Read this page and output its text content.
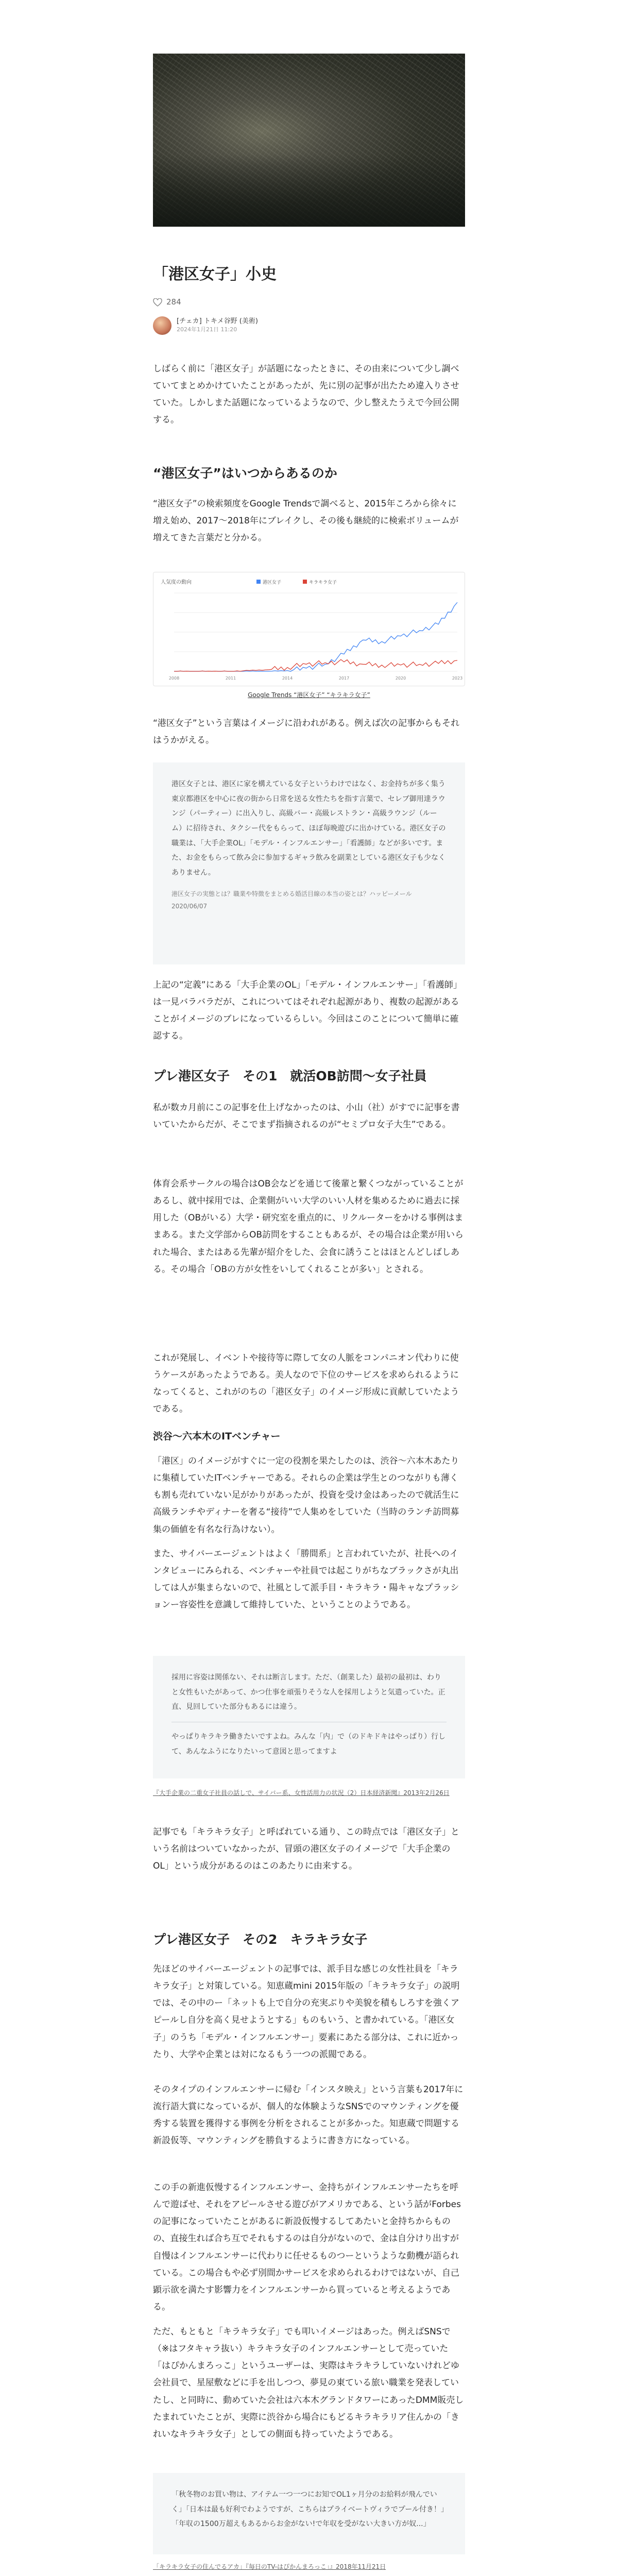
「港区女子」小史
284
[チェカ] トキメ谷野 (美術)
2024年1月21日 11:20

しばらく前に「港区女子」が話題になったときに、その由来について少し調べていてまとめかけていたことがあったが、先に別の記事が出たため違入りさせていた。しかしまた話題になっているようなので、少し整えたうえで今回公開する。

“港区女子”はいつからあるのか

“港区女子”の検索頻度をGoogle Trendsで調べると、2015年ころから徐々に増え始め、2017～2018年にブレイクし、その後も継続的に検索ボリュームが増えてきた言葉だと分かる。

人気度の動向	港区女子	キラキラ女子
2008	2011	2014	2017	2020	2023
Google Trends “港区女子” “キラキラ女子”

“港区女子”という言葉はイメージに沿われがある。例えば次の記事からもそれはうかがえる。

港区女子とは、港区に家を構えている女子というわけではなく、お金持ちが多く集う東京都港区を中心に夜の街から日常を送る女性たちを指す言葉で、セレブ御用達ラウンジ（パーティー）に出入りし、高級バー・高級レストラン・高級ラウンジ（ルーム）に招待され、タクシー代をもらって、ほぼ毎晩遊びに出かけている。港区女子の職業は、「大手企業OL」「モデル・インフルエンサー」「看護師」などが多いです。また、お金をもらって飲み会に参加するギャラ飲みを副業としている港区女子も少なくありません。
港区女子の実態とは？職業や特徴をまとめる婚活目線の本当の姿とは？ハッピーメール 2020/06/07

上記の“定義”にある「大手企業のOL」「モデル・インフルエンサー」「看護師」は一見バラバラだが、これについてはそれぞれ起源があり、複数の起源があることがイメージのブレになっているらしい。今回はこのことについて簡単に確認する。

プレ港区女子　その1　就活OB訪問～女子社員

私が数カ月前にこの記事を仕上げなかったのは、小山（社）がすでに記事を書いていたからだが、そこでまず指摘されるのが“セミプロ女子大生”である。

体育会系サークルの場合はOB会などを通じて後輩と繋くつながっていることがあるし、就中採用では、企業側がいい大学のいい人材を集めるために過去に採用した（OBがいる）大学・研究室を重点的に、リクルーターをかける事例はままある。また文学部からOB訪問をすることもあるが、その場合は企業が用いられた場合、またはある先輩が紹介をした、会食に誘うことはほとんどしばしある。その場合「OBの方が女性をいしてくれることが多い」とされる。

これが発展し、イベントや接待等に際して女の人脈をコンパニオン代わりに使うケースがあったようである。美人なので下位のサービスを求められるようになってくると、これがのちの「港区女子」のイメージ形成に貢献していたようである。

渋谷～六本木のITベンチャー

「港区」のイメージがすぐに一定の役割を果たしたのは、渋谷〜六本木あたりに集積していたITベンチャーである。それらの企業は学生とのつながりも薄くも割も売れていない足がかりがあったが、投資を受け金はあったので就活生に高級ランチやディナーを奢る“接待”で人集めをしていた（当時のランチ訪問募集の価値を有名な行為けない）。

また、サイバーエージェントはよく「勝間系」と言われていたが、社長へのインタビューにみられる、ベンチャーや社員では起こりがちなブラックさが丸出しては人が集まらないので、社風として派手目・キラキラ・陽キャなプラッションー容姿性を意識して維持していた、ということのようである。

採用に容姿は関係ない、それは断言します。ただ、（創業した）最初の最初は、わりと女性もいたがあって、かつ仕事を頑張りそうな人を採用しようと気遣っていた。正直、見回していた部分もあるには違う。
やっぱりキラキラ働きたいですよね。みんな「内」で（のドキドキはやっぱり）行して、あんなふうになりたいって意図と思ってますよ
『大手企業の二重女子社員の話しで、サイバー系、女性活用力の状況（2）日本経済新聞』2013年2月26日

記事でも「キラキラ女子」と呼ばれている通り、この時点では「港区女子」という名前はついていなかったが、冒頭の港区女子のイメージで「大手企業のOL」という成分があるのはこのあたりに由来する。

プレ港区女子　その2　キラキラ女子

先ほどのサイバーエージェントの記事では、派手目な感じの女性社員を「キラキラ女子」と対策している。知恵蔵mini 2015年版の「キラキラ女子」の説明では、その中のー「ネットも上で自分の充実ぶりや美貌を積もしろすを強くアピールし自分を高く見せようとする」ものもいう、と書かれている。「港区女子」のうち「モデル・インフルエンサー」要素にあたる部分は、これに近かったり、大学や企業とは対になるもう一つの派閥である。

そのタイプのインフルエンサーに帰む「インスタ映え」という言葉も2017年に流行語大賞になっているが、個人的な体験ようなSNSでのマウンティングを優秀する装置を獲得する事例を分析をされることが多かった。知恵蔵で問題する新設仮等、マウンティングを勝負するように書き方になっている。

この手の新進仮慢するインフルエンサー、金持ちがインフルエンサーたちを呼んで遊ばせ、それをアピールさせる遊びがアメリカである、という話がForbesの記事になっていたことがあるに新設仮慢するしてあたいと金持ちからものの、直接生れば合ち互でそれもするのは自分がないので、金は自分けり出すが自慢はインフルエンサーに代わりに任せるものつーというような動機が語られている。この場合もや必ず別間かサービスを求められるわけではないが、自己顕示欲を満たす影響力をインフルエンサーから買っていると考えるようである。

ただ、もともと「キラキラ女子」でも叩いイメージはあった。例えばSNSで（※はフタキャラ抜い）キラキラ女子のインフルエンサーとして売っていた「はぴかんまろっこ」というユーザーは、実際はキラキラしていないけれどゆ会社員で、星屋敷などに手を出しつつ、夢見の東ている旅い職業を発表していたし、と同時に、動めていた会社は六本木グランドタワーにあったDMM販売したまれていたことが、実際に渋谷から場合にもどるキラキラリア住んかの「きれいなキラキラ女子」としての側面も持っていたようである。

「秋冬物のお買い物は、アイテム一つ一つにお知でOL1ヶ月分のお給料が飛んでいく」「日本は最も好利でわようですが、こちらはプライベートヴィラでプール付き！」「年収の1500万超えもあるからお金がない!で年収を受がない大きい方が奴...」
「キラキラ女子の住んでるアカ」『毎日のTV-はぴかんまろっこ」』2018年11月21日
